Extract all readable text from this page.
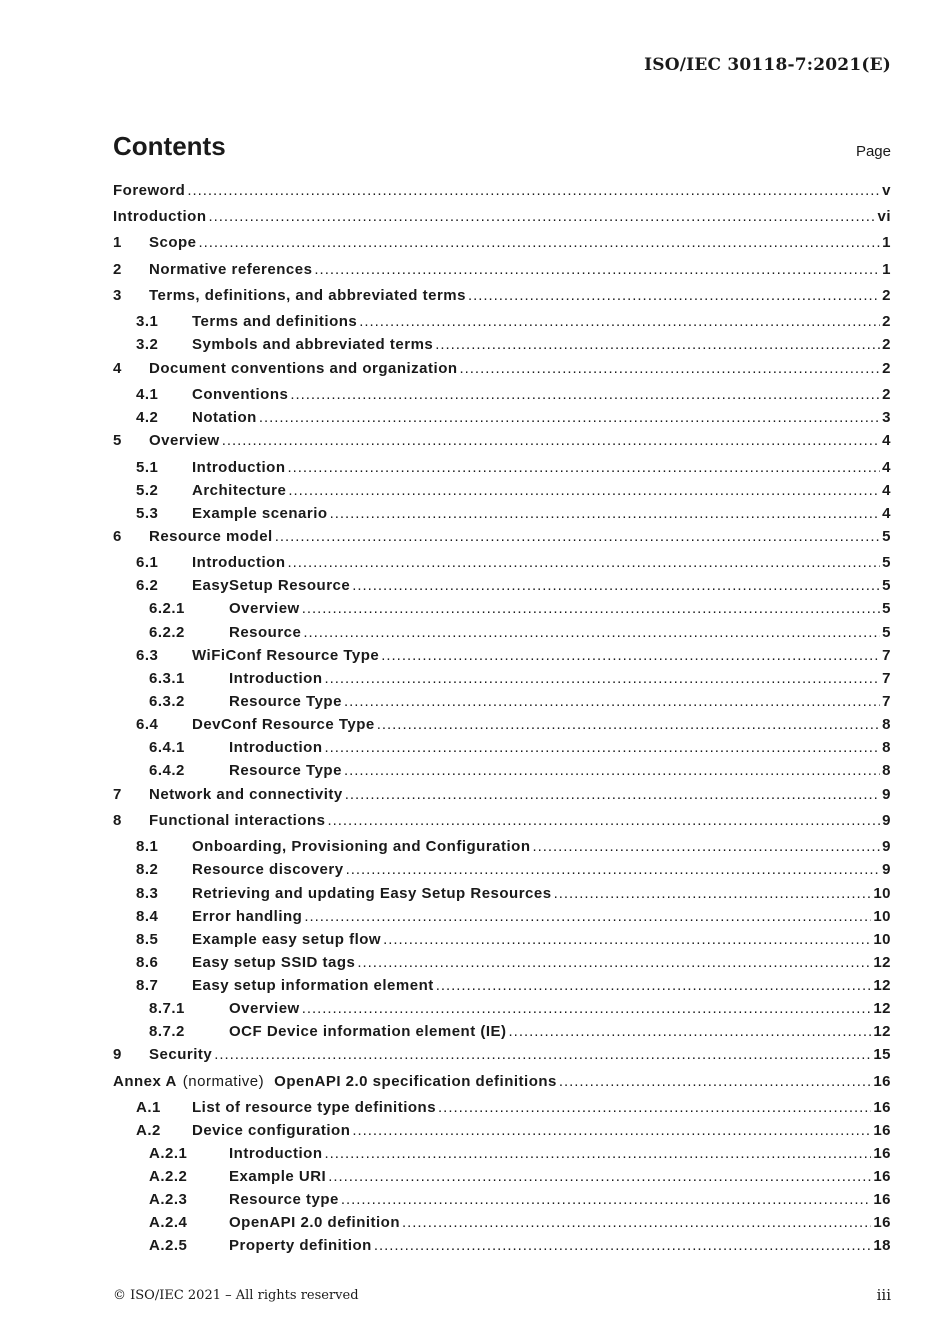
ISO/IEC 30118-7:2021(E)
Contents	Page
Foreword . . .	v
Introduction . . .	vi
1	Scope . . .	1
2	Normative references . . .	1
3	Terms, definitions, and abbreviated terms . . .	2
3.1	Terms and definitions . . .	2
3.2	Symbols and abbreviated terms . . .	2
4	Document conventions and organization . . .	2
4.1	Conventions . . .	2
4.2	Notation . . .	3
5	Overview . . .	4
5.1	Introduction . . .	4
5.2	Architecture . . .	4
5.3	Example scenario . . .	4
6	Resource model . . .	5
6.1	Introduction . . .	5
6.2	EasySetup Resource . . .	5
6.2.1	Overview . . .	5
6.2.2	Resource . . .	5
6.3	WiFiConf Resource Type . . .	7
6.3.1	Introduction . . .	7
6.3.2	Resource Type . . .	7
6.4	DevConf Resource Type . . .	8
6.4.1	Introduction . . .	8
6.4.2	Resource Type . . .	8
7	Network and connectivity . . .	9
8	Functional interactions . . .	9
8.1	Onboarding, Provisioning and Configuration . . .	9
8.2	Resource discovery . . .	9
8.3	Retrieving and updating Easy Setup Resources . . .	10
8.4	Error handling . . .	10
8.5	Example easy setup flow . . .	10
8.6	Easy setup SSID tags . . .	12
8.7	Easy setup information element . . .	12
8.7.1	Overview . . .	12
8.7.2	OCF Device information element (IE) . . .	12
9	Security . . .	15
Annex A (normative) OpenAPI 2.0 specification definitions . . .	16
A.1	List of resource type definitions . . .	16
A.2	Device configuration . . .	16
A.2.1	Introduction . . .	16
A.2.2	Example URI . . .	16
A.2.3	Resource type . . .	16
A.2.4	OpenAPI 2.0 definition . . .	16
A.2.5	Property definition . . .	18
© ISO/IEC 2021 – All rights reserved	iii
